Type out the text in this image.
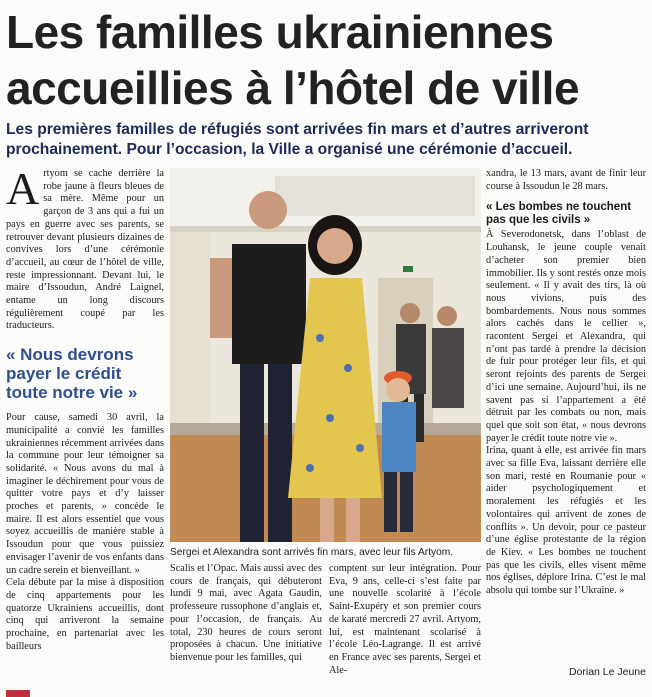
Les familles ukrainiennes accueillies à l’hôtel de ville

Les premières familles de réfugiés sont arrivées fin mars et d’autres arriveront prochainement. Pour l’occasion, la Ville a organisé une cérémonie d’accueil.

Artyom se cache derrière la robe jaune à fleurs bleues de sa mère. Même pour un garçon de 3 ans qui a fui un pays en guerre avec ses parents, se retrouver devant plusieurs dizaines de convives lors d’une cérémonie d’accueil, au cœur de l’hôtel de ville, reste impressionnant. Devant lui, le maire d’Issoudun, André Laignel, entame un long discours régulièrement coupé par les traducteurs.

« Nous devrons payer le crédit toute notre vie »

Pour cause, samedi 30 avril, la municipalité a convié les familles ukrainiennes récemment arrivées dans la commune pour leur témoigner sa solidarité. « Nous avons du mal à imaginer le déchirement pour vous de quitter votre pays et d’y laisser proches et parents, » concède le maire. Il est alors essentiel que vous soyez accueillis de manière stable à Issoudun pour que vous puissiez envisager l’avenir de vos enfants dans un cadre serein et bienveillant. »

Cela débute par la mise à disposition de cinq appartements pour les quatorze Ukrainiens accueillis, dont cinq qui arriveront la semaine prochaine, en partenariat avec les bailleurs

Sergei et Alexandra sont arrivés fin mars, avec leur fils Artyom.

Scalis et l’Opac. Mais aussi avec des cours de français, qui débuteront lundi 9 mai, avec Agata Gaudin, professeure russophone d’anglais et, pour l’occasion, de français. Au total, 230 heures de cours seront proposées à chacun. Une initiative bienvenue pour les familles, qui

comptent sur leur intégration. Pour Eva, 9 ans, celle-ci s’est faite par une nouvelle scolarité à l’école Saint-Exupéry et son premier cours de karaté mercredi 27 avril. Artyom, lui, est maintenant scolarisé à l’école Léo-Lagrange. Il est arrivé en France avec ses parents, Sergei et Ale-

xandra, le 13 mars, avant de finir leur course à Issoudun le 28 mars.

« Les bombes ne touchent pas que les civils »

À Severodonetsk, dans l’oblast de Louhansk, le jeune couple venait d’acheter son premier bien immobilier. Ils y sont restés onze mois seulement. « Il y avait des tirs, là où nous vivions, puis des bombardements. Nous nous sommes alors cachés dans le cellier », racontent Sergei et Alexandra, qui n’ont pas tardé à prendre la décision de fuir pour protéger leur fils, et qui seront rejoints des parents de Sergei d’ici une semaine. Aujourd’hui, ils ne savent pas si l’appartement a été détruit par les combats ou non, mais quel que soit son état, « nous devrons payer le crédit toute notre vie ».

Irina, quant à elle, est arrivée fin mars avec sa fille Eva, laissant derrière elle son mari, resté en Roumanie pour « aider psychologiquement et moralement les réfugiés et les volontaires qui arrivent de zones de conflits ». Un devoir, pour ce pasteur d’une église protestante de la région de Kiev. « Les bombes ne touchent pas que les civils, elles visent même nos églises, déplore Irina. C’est le mal absolu qui tombe sur l’Ukraine. »

Dorian Le Jeune
